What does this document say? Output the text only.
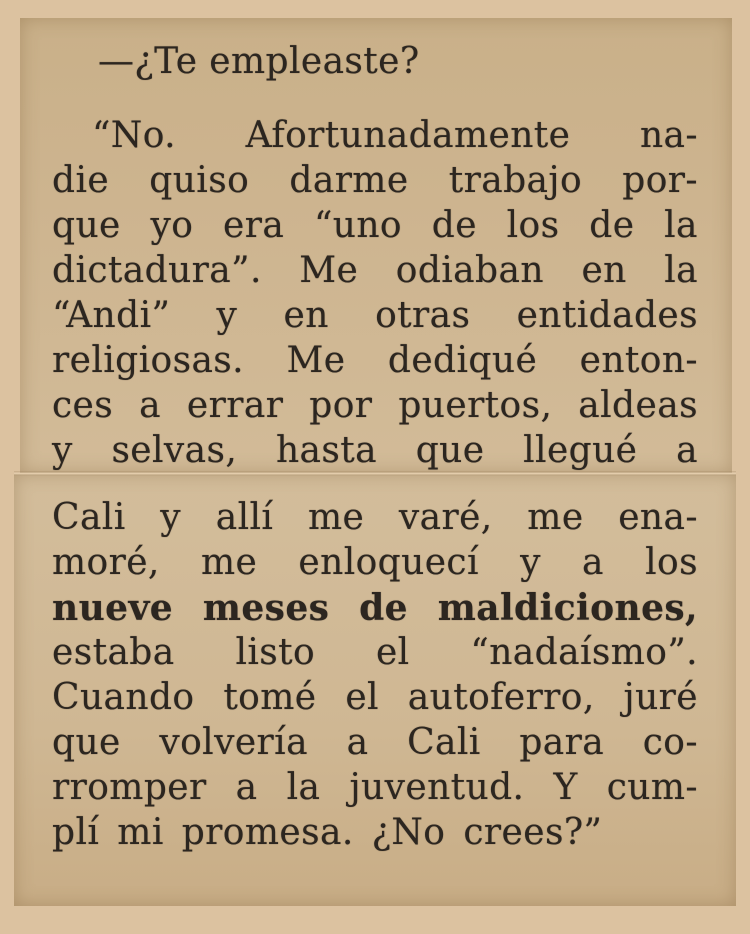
—¿Te empleaste?
“No. Afortunadamente na-
die quiso darme trabajo por-
que yo era “uno de los de la
dictadura”. Me odiaban en la
“Andi” y en otras entidades
religiosas. Me dediqué enton-
ces a errar por puertos, aldeas
y selvas, hasta que llegué a
Cali y allí me varé, me ena-
moré, me enloquecí y a los
nueve meses de maldiciones,
estaba listo el “nadaísmo”.
Cuando tomé el autoferro, juré
que volvería a Cali para co-
rromper a la juventud. Y cum-
plí mi promesa. ¿No crees?”
